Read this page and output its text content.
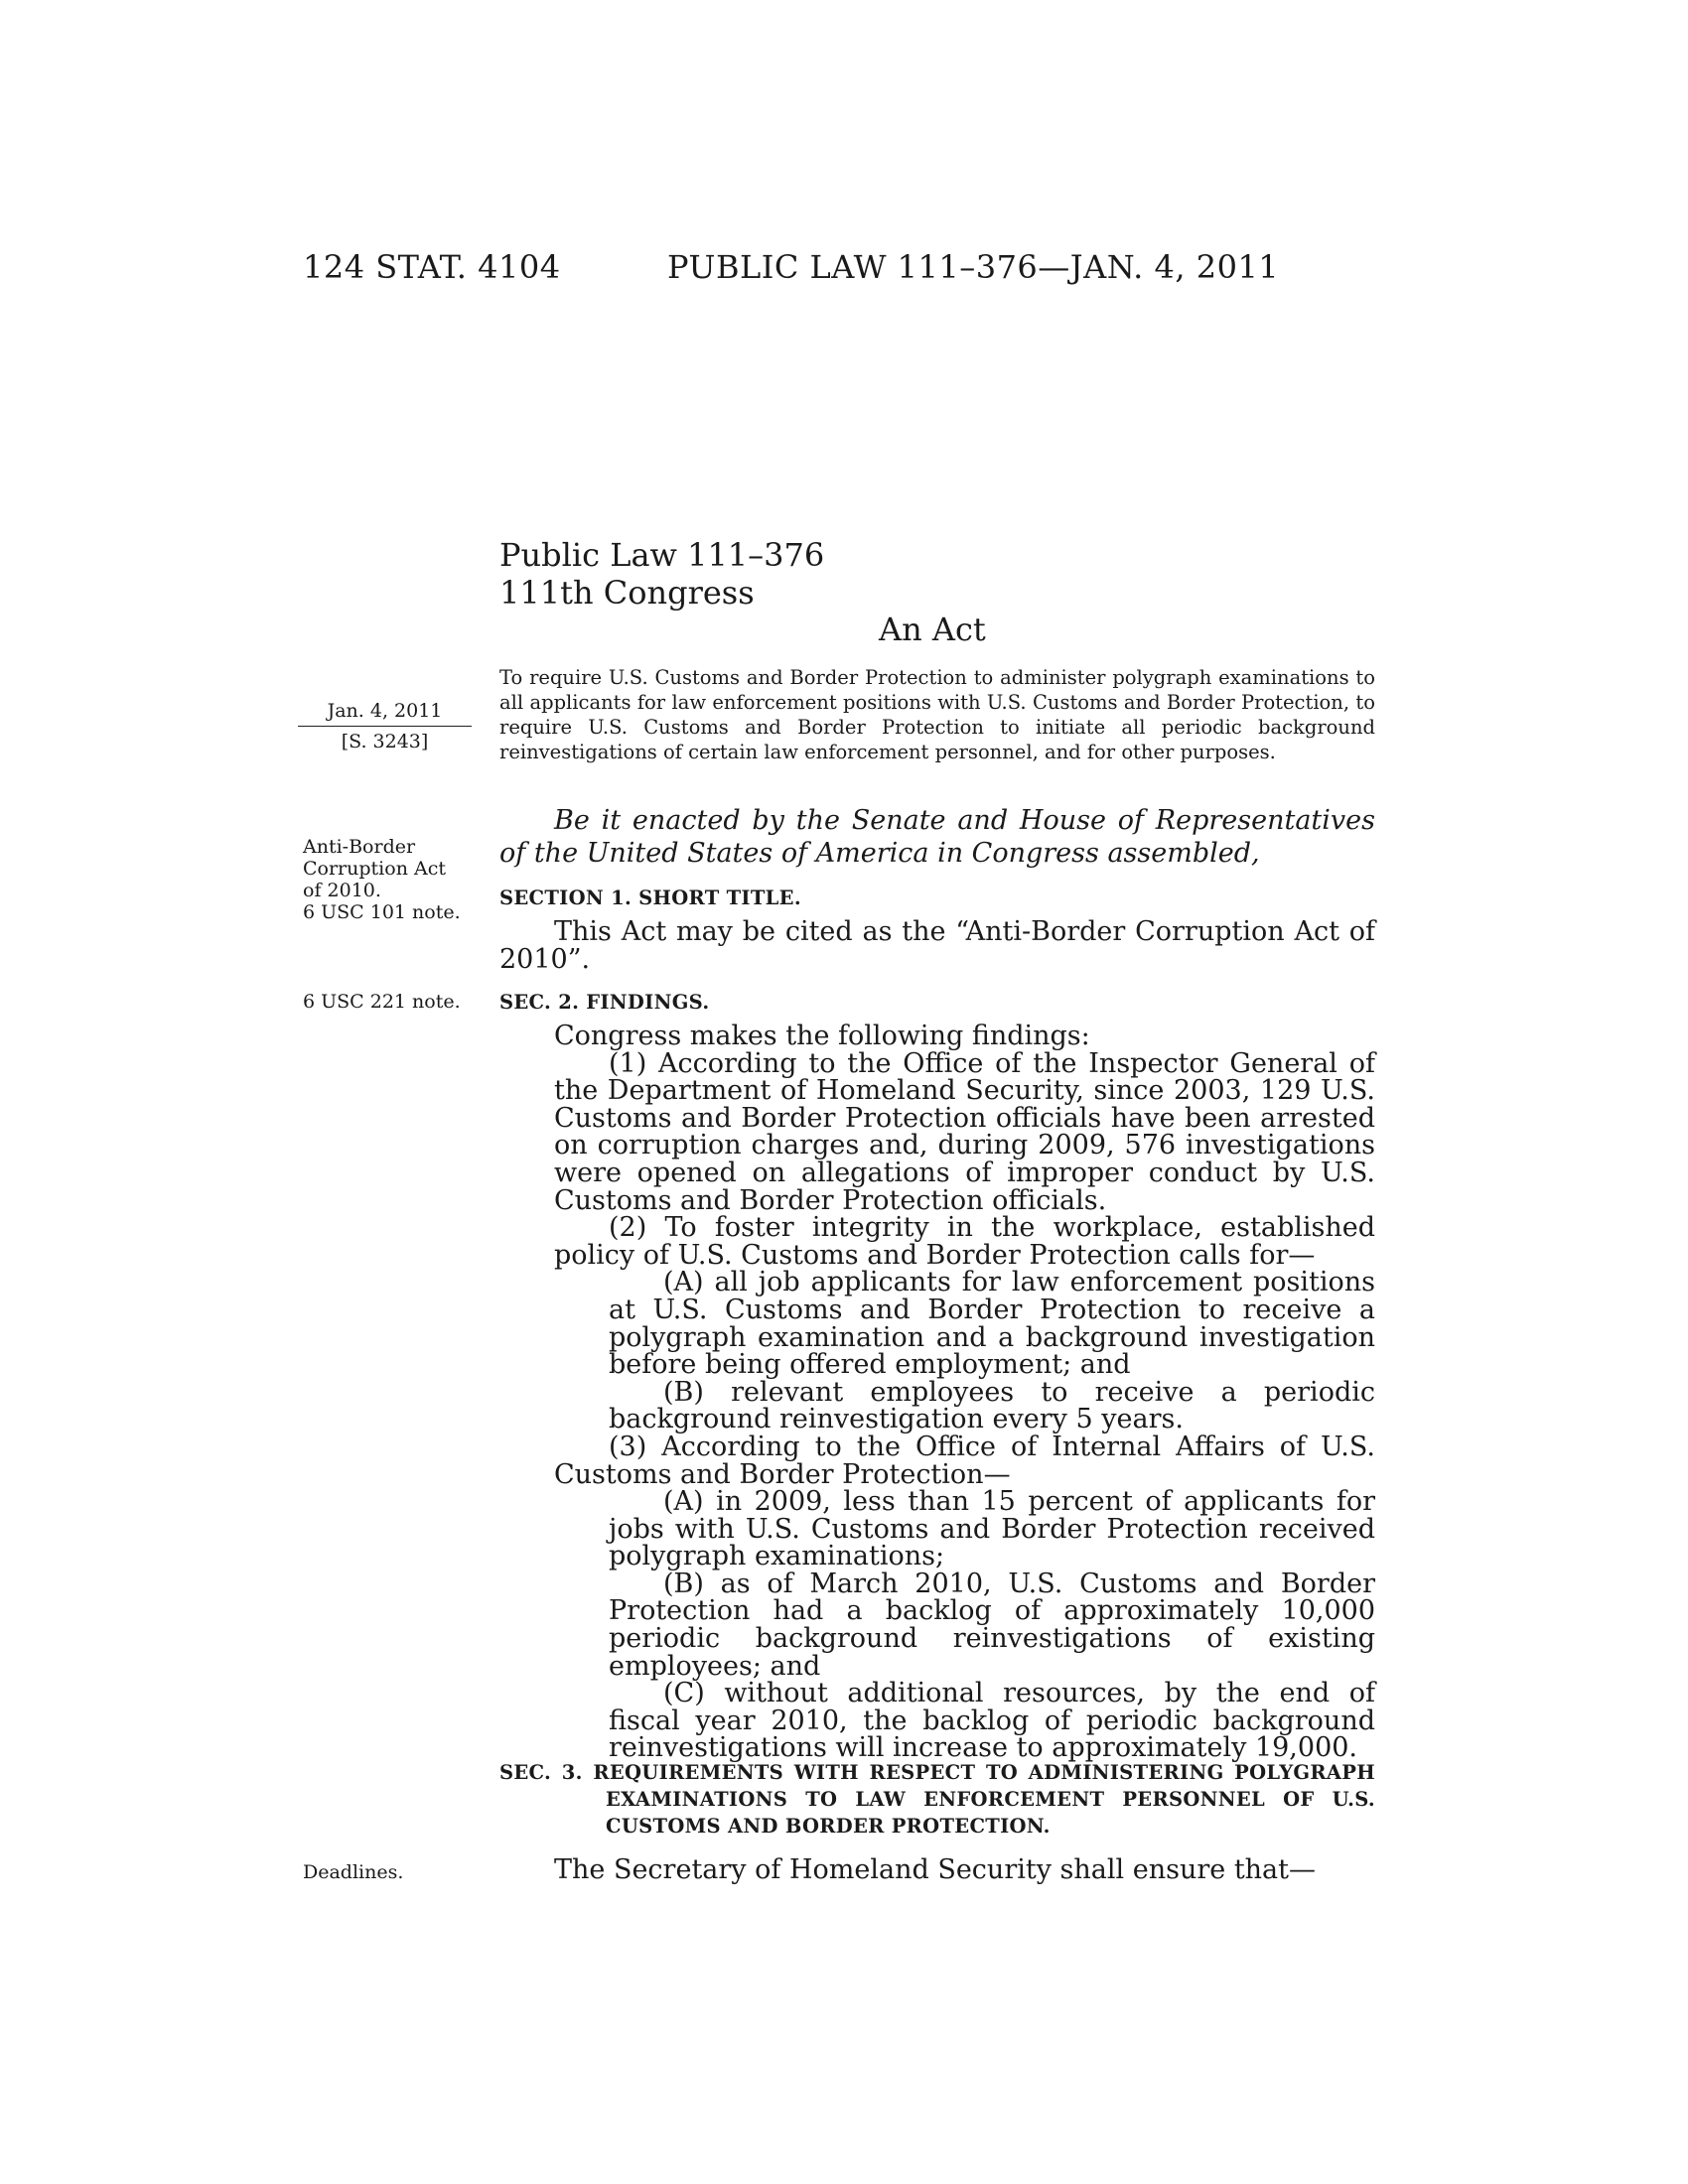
124 STAT. 4104	PUBLIC LAW 111–376—JAN. 4, 2011
Public Law 111–376
111th Congress
An Act
To require U.S. Customs and Border Protection to administer polygraph examinations to all applicants for law enforcement positions with U.S. Customs and Border Protection, to require U.S. Customs and Border Protection to initiate all periodic background reinvestigations of certain law enforcement personnel, and for other purposes.
Jan. 4, 2011
[S. 3243]
Anti-Border
Corruption Act
of 2010.
6 USC 101 note.
6 USC 221 note.
Deadlines.
Be it enacted by the Senate and House of Representatives of the United States of America in Congress assembled,
SECTION 1. SHORT TITLE.
This Act may be cited as the “Anti-Border Corruption Act of 2010”.
SEC. 2. FINDINGS.

Congress makes the following findings:

(1) According to the Office of the Inspector General of the Department of Homeland Security, since 2003, 129 U.S. Customs and Border Protection officials have been arrested on corruption charges and, during 2009, 576 investigations were opened on allegations of improper conduct by U.S. Customs and Border Protection officials.

(2) To foster integrity in the workplace, established policy of U.S. Customs and Border Protection calls for—

(A) all job applicants for law enforcement positions at U.S. Customs and Border Protection to receive a polygraph examination and a background investigation before being offered employment; and

(B) relevant employees to receive a periodic background reinvestigation every 5 years.

(3) According to the Office of Internal Affairs of U.S. Customs and Border Protection—

(A) in 2009, less than 15 percent of applicants for jobs with U.S. Customs and Border Protection received polygraph examinations;

(B) as of March 2010, U.S. Customs and Border Protection had a backlog of approximately 10,000 periodic background reinvestigations of existing employees; and

(C) without additional resources, by the end of fiscal year 2010, the backlog of periodic background reinvestigations will increase to approximately 19,000.

SEC. 3. REQUIREMENTS WITH RESPECT TO ADMINISTERING POLYGRAPH EXAMINATIONS TO LAW ENFORCEMENT PERSONNEL OF U.S. CUSTOMS AND BORDER PROTECTION.
The Secretary of Homeland Security shall ensure that—
